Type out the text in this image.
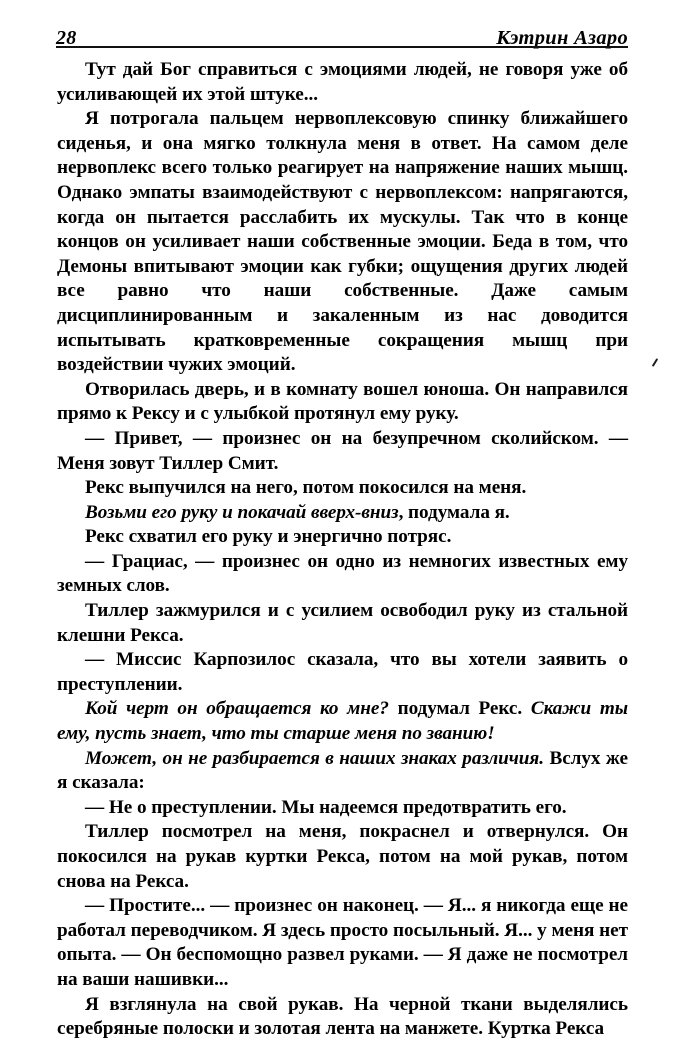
28	Кэтрин Азаро

Тут дай Бог справиться с эмоциями людей, не говоря уже об усиливающей их этой штуке...

Я потрогала пальцем нервоплексовую спинку ближайшего сиденья, и она мягко толкнула меня в ответ. На самом деле нервоплекс всего только реагирует на напряжение наших мышц. Однако эмпаты взаимодействуют с нервоплексом: напрягаются, когда он пытается расслабить их мускулы. Так что в конце концов он усиливает наши собственные эмоции. Беда в том, что Демоны впитывают эмоции как губки; ощущения других людей все равно что наши собственные. Даже самым дисциплинированным и закаленным из нас доводится испытывать кратковременные сокращения мышц при воздействии чужих эмоций.

Отворилась дверь, и в комнату вошел юноша. Он направился прямо к Рексу и с улыбкой протянул ему руку.

— Привет, — произнес он на безупречном сколийском. — Меня зовут Тиллер Смит.

Рекс выпучился на него, потом покосился на меня.

Возьми его руку и покачай вверх-вниз, подумала я.

Рекс схватил его руку и энергично потряс.

— Грациас, — произнес он одно из немногих известных ему земных слов.

Тиллер зажмурился и с усилием освободил руку из стальной клешни Рекса.

— Миссис Карпозилос сказала, что вы хотели заявить о преступлении.

Кой черт он обращается ко мне? подумал Рекс. Скажи ты ему, пусть знает, что ты старше меня по званию!

Может, он не разбирается в наших знаках различия. Вслух же я сказала:

— Не о преступлении. Мы надеемся предотвратить его.

Тиллер посмотрел на меня, покраснел и отвернулся. Он покосился на рукав куртки Рекса, потом на мой рукав, потом снова на Рекса.

— Простите... — произнес он наконец. — Я... я никогда еще не работал переводчиком. Я здесь просто посыльный. Я... у меня нет опыта. — Он беспомощно развел руками. — Я даже не посмотрел на ваши нашивки...

Я взглянула на свой рукав. На черной ткани выделялись серебряные полоски и золотая лента на манжете. Куртка Рекса
